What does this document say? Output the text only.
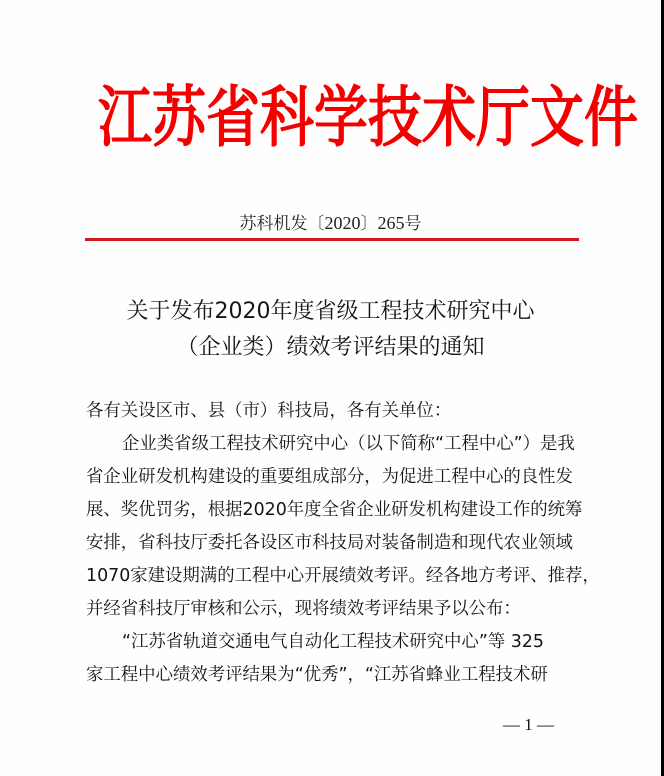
江 苏 省 科 学 技 术 厅 文 件
苏科机发〔2020〕265号
关于发布2020年度省级工程技术研究中心
（企业类）绩效考评结果的通知
各有关设区市、县（市）科技局，各有关单位：
企业类省级工程技术研究中心（以下简称“工程中心”）是我
省企业研发机构建设的重要组成部分，为促进工程中心的良性发
展、奖优罚劣，根据2020年度全省企业研发机构建设工作的统筹
安排，省科技厅委托各设区市科技局对装备制造和现代农业领域
1070家建设期满的工程中心开展绩效考评。经各地方考评、推荐，
并经省科技厅审核和公示，现将绩效考评结果予以公布：
“江苏省轨道交通电气自动化工程技术研究中心”等 325
家工程中心绩效考评结果为“优秀”，“江苏省蜂业工程技术研
— 1 —
